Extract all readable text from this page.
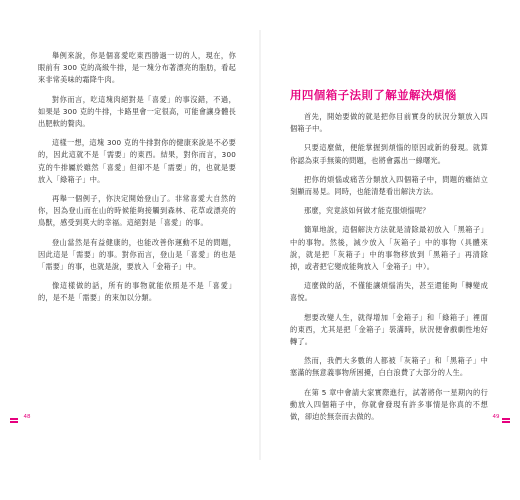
舉例來說，你是個喜愛吃東西勝過一切的人，現在，你眼前有 300 克的高級牛排，是一塊分布著漂亮的脂肪，看起來非常美味的霜降牛肉。

對你而言，吃這塊肉絕對是「喜愛」的事沒錯，不過，如果是 300 克的牛排，卡路里會一定很高，可能會讓身體長出肥軟的贅肉。

這樣一想，這塊 300 克的牛排對你的健康來說是不必要的，因此這就不是「需要」的東西。結果，對你而言，300 克的牛排屬於雖然「喜愛」但卻不是「需要」的，也就是要放入「綠箱子」中。

再舉一個例子，你決定開始登山了。非常喜愛大自然的你，因為登山而在山的時候能夠接觸到森林、花草或漂亮的鳥獸，感受到莫大的幸福。這絕對是「喜愛」的事。

登山當然是有益健康的，也能改善你運動不足的問題，因此這是「需要」的事。對你而言，登山是「喜愛」的也是「需要」的事，也就是說，要放入「金箱子」中。

像這樣做的話，所有的事物就能依照是不是「喜愛」的，是不是「需要」的來加以分類。

用四個箱子法則了解並解決煩惱

首先，開始要做的就是把你目前實身的狀況分類放入四個箱子中。

只要這麼做，便能掌握到煩惱的原因或新的發現。就算你認為束手無策的問題，也將會露出一線曙光。

把你的煩惱或痛苦分類放入四個箱子中，問題的癥結立刻顯而易見。同時，也能清楚看出解決方法。

那麼，究竟該如何做才能克服煩惱呢？

簡單地說，這個解決方法就是清除最初放入「黑箱子」中的事物。然後，減少放入「灰箱子」中的事物（具體來說，就是把「灰箱子」中的事物移放到「黑箱子」再清除掉，或者把它變成能夠放入「金箱子」中）。

這麼做的話，不僅能讓煩惱消失，甚至還能夠「轉變成喜悅。

想要改變人生，就得增加「金箱子」和「綠箱子」裡面的東西，尤其是把「金箱子」裝滿時，狀況便會戲劇性地好轉了。

然而，我們大多數的人都被「灰箱子」和「黑箱子」中塞滿的無意義事物所困擾，白白浪費了大部分的人生。

在第 5 章中會請大家實際進行，試著將你一星期內的行動放入四個箱子中，你就會發現有許多事情是你真的不想做，卻迫於無奈而去做的。

48	49
